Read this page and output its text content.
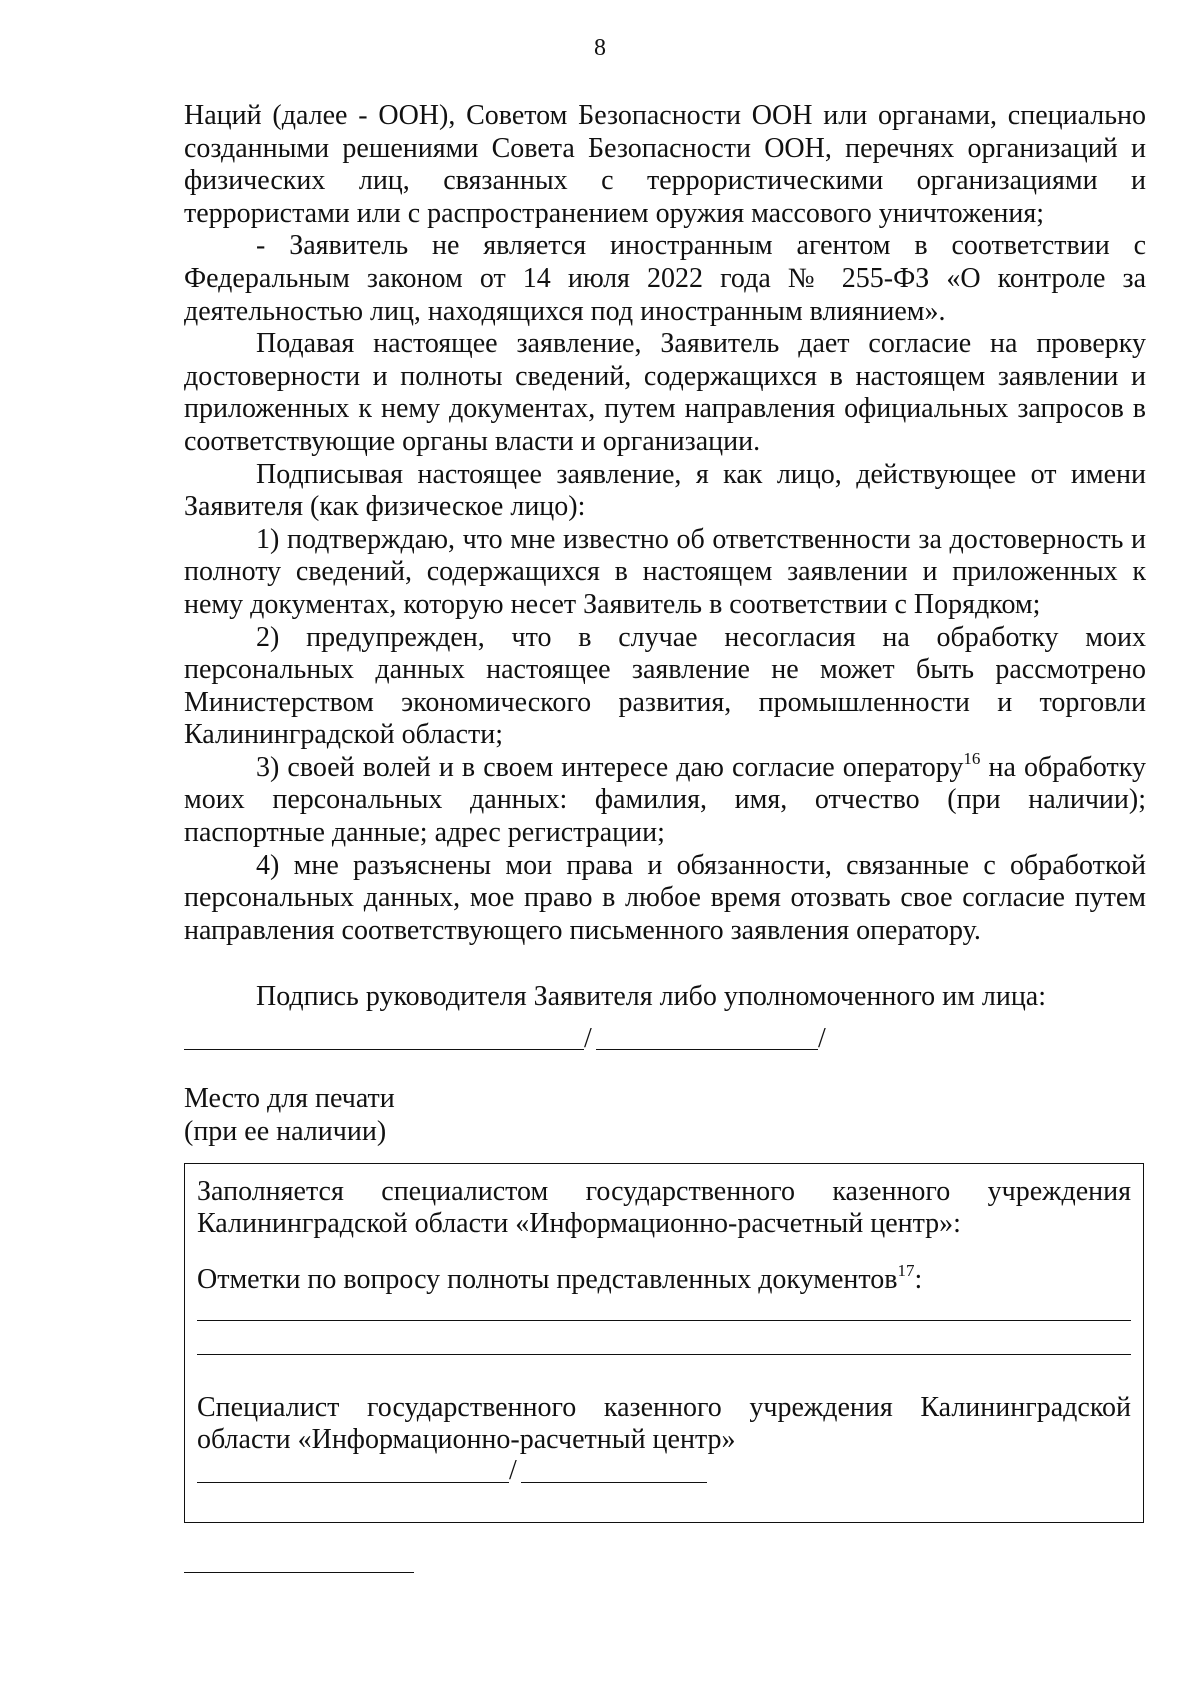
8

Наций (далее - ООН), Советом Безопасности ООН или органами, специально созданными решениями Совета Безопасности ООН, перечнях организаций и физических лиц, связанных с террористическими организациями и террористами или с распространением оружия массового уничтожения;

- Заявитель не является иностранным агентом в соответствии с Федеральным законом от 14 июля 2022 года № 255-ФЗ «О контроле за деятельностью лиц, находящихся под иностранным влиянием».

Подавая настоящее заявление, Заявитель дает согласие на проверку достоверности и полноты сведений, содержащихся в настоящем заявлении и приложенных к нему документах, путем направления официальных запросов в соответствующие органы власти и организации.

Подписывая настоящее заявление, я как лицо, действующее от имени Заявителя (как физическое лицо):

1) подтверждаю, что мне известно об ответственности за достоверность и полноту сведений, содержащихся в настоящем заявлении и приложенных к нему документах, которую несет Заявитель в соответствии с Порядком;

2) предупрежден, что в случае несогласия на обработку моих персональных данных настоящее заявление не может быть рассмотрено Министерством экономического развития, промышленности и торговли Калининградской области;

3) своей волей и в своем интересе даю согласие оператору$^{16}$ на обработку моих персональных данных: фамилия, имя, отчество (при наличии); паспортные данные; адрес регистрации;

4) мне разъяснены мои права и обязанности, связанные с обработкой персональных данных, мое право в любое время отозвать свое согласие путем направления соответствующего письменного заявления оператору.

Подпись руководителя Заявителя либо уполномоченного им лица:
/	/
Место для печати
(при ее наличии)
Заполняется специалистом государственного казенного учреждения Калининградской области «Информационно-расчетный центр»:
Отметки по вопросу полноты представленных документов$^{17}$:
Специалист государственного казенного учреждения Калининградской области «Информационно-расчетный центр»
/
